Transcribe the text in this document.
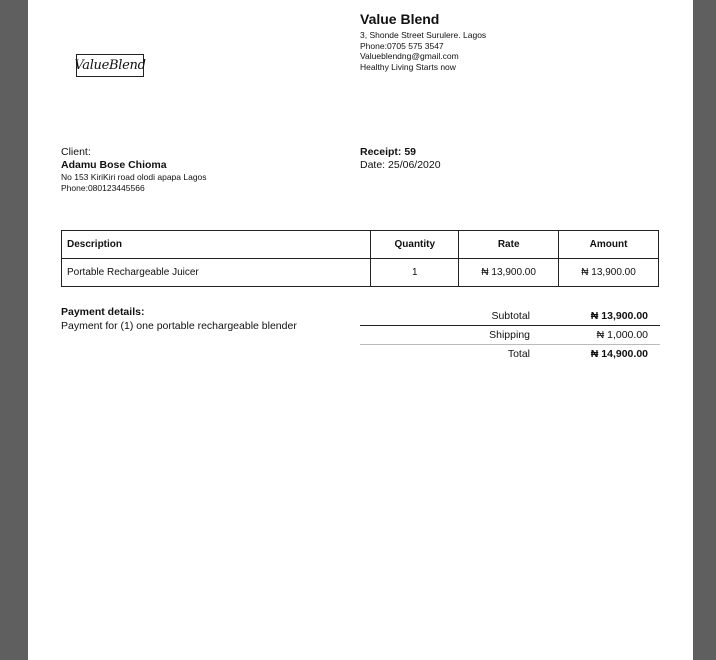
ValueBlend
Value Blend
3, Shonde Street Surulere. Lagos
Phone:0705 575 3547
Valueblendng@gmail.com
Healthy Living Starts now
Client:
Adamu Bose Chioma
No 153 KiriKiri road olodi apapa Lagos
Phone:080123445566
Receipt: 59
Date: 25/06/2020
Description	Quantity	Rate	Amount
Portable Rechargeable Juicer	1	₦ 13,900.00	₦ 13,900.00
Payment details:
Payment for (1) one portable rechargeable blender
Subtotal	₦ 13,900.00
Shipping	₦ 1,000.00
Total	₦ 14,900.00
